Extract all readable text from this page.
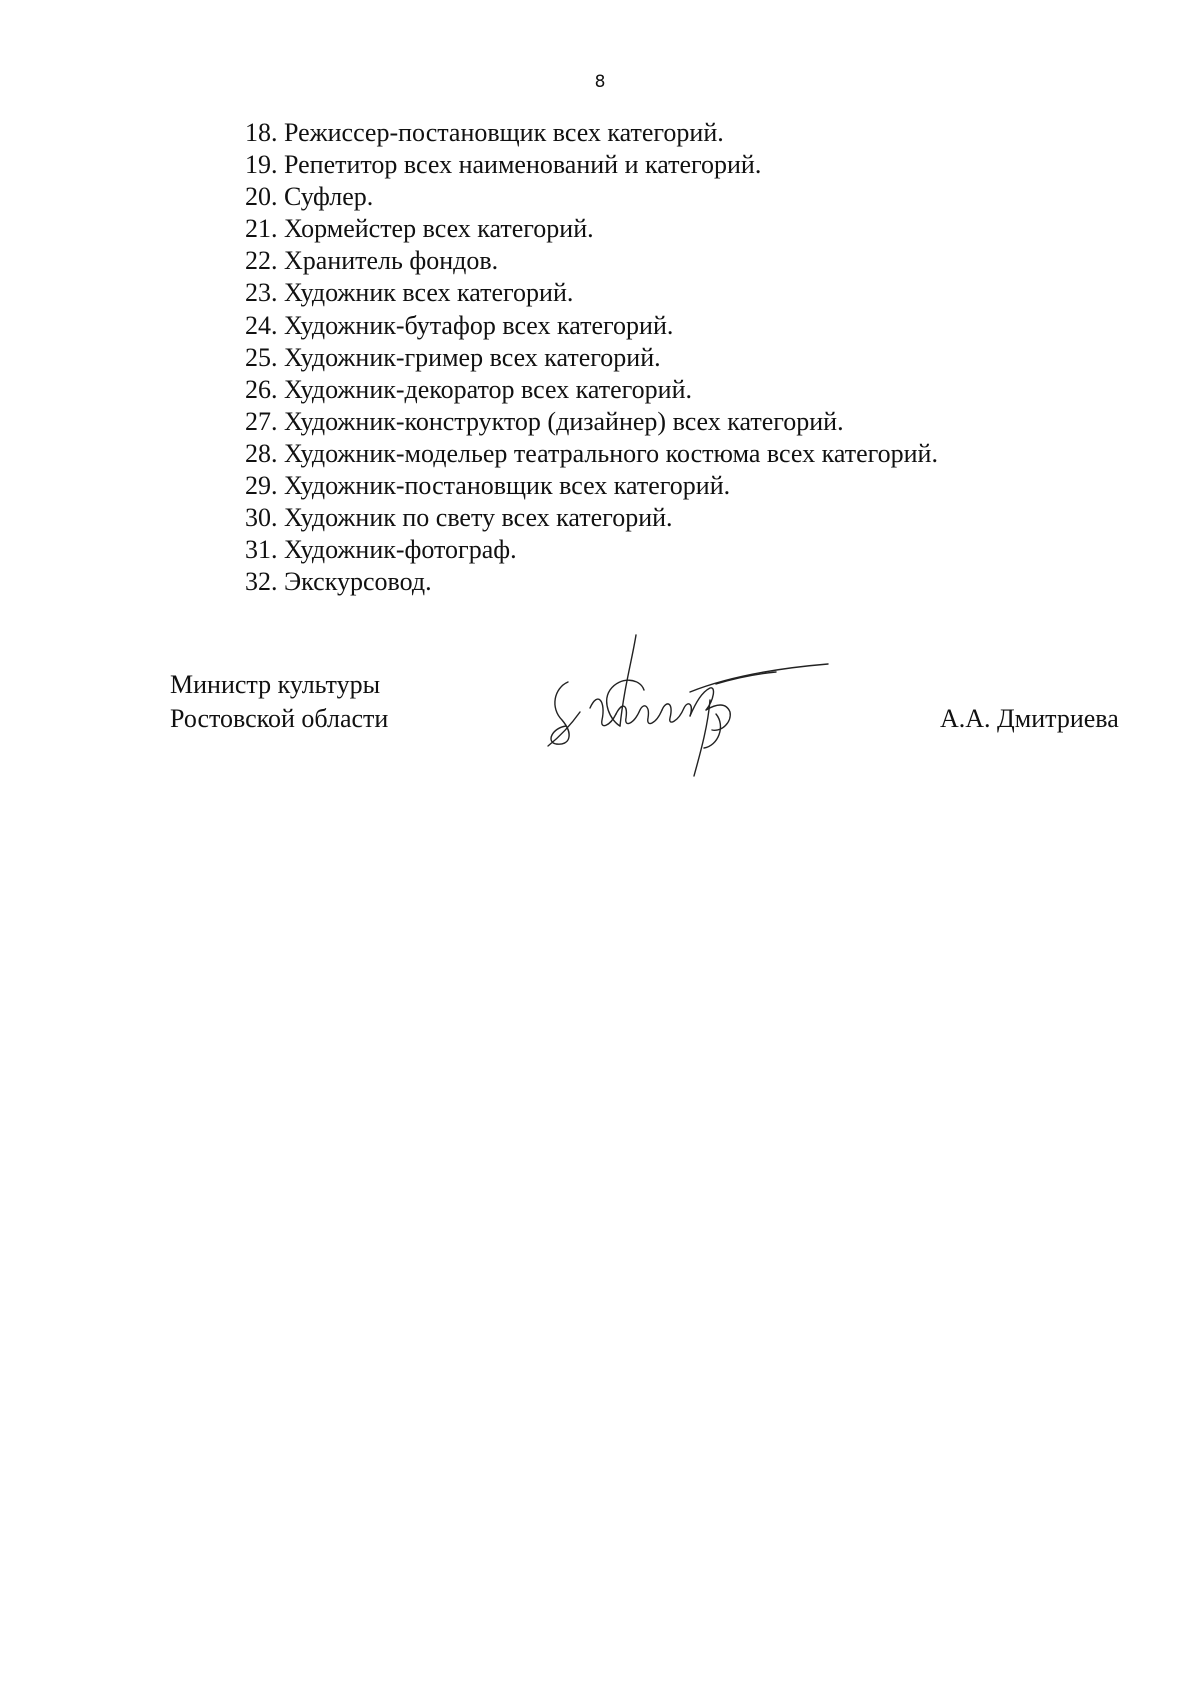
8
18. Режиссер-постановщик всех категорий.
19. Репетитор всех наименований и категорий.
20. Суфлер.
21. Хормейстер всех категорий.
22. Хранитель фондов.
23. Художник всех категорий.
24. Художник-бутафор всех категорий.
25. Художник-гример всех категорий.
26. Художник-декоратор всех категорий.
27. Художник-конструктор (дизайнер) всех категорий.
28. Художник-модельер театрального костюма всех категорий.
29. Художник-постановщик всех категорий.
30. Художник по свету всех категорий.
31. Художник-фотограф.
32. Экскурсовод.
Министр культуры
Ростовской области	А.А. Дмитриева
